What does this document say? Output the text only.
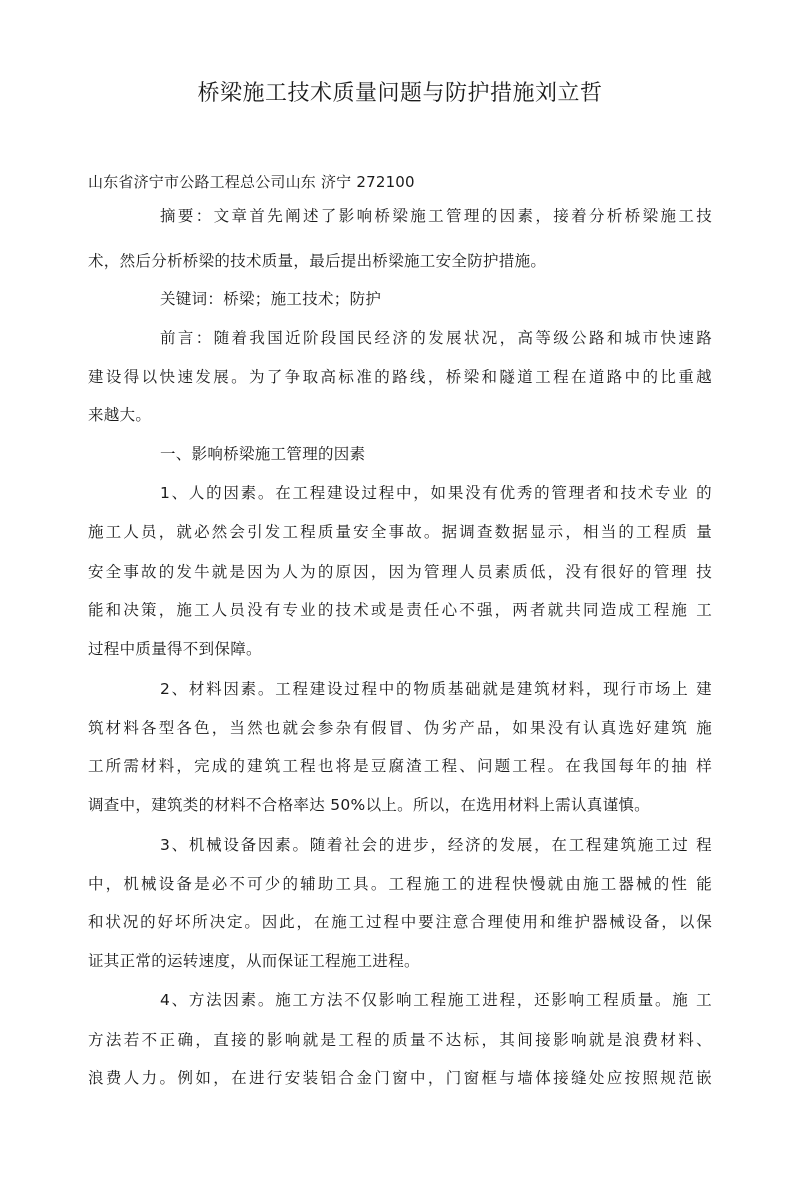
桥梁施工技术质量问题与防护措施刘立哲
山东省济宁市公路工程总公司山东 济宁 272100
摘要：文章首先阐述了影响桥梁施工管理的因素，接着分析桥梁施工技
术，然后分析桥梁的技术质量，最后提出桥梁施工安全防护措施。
关键词：桥梁；施工技术；防护
前言：随着我国近阶段国民经济的发展状况，高等级公路和城市快速路
建设得以快速发展。为了争取高标准的路线，桥梁和隧道工程在道路中的比重越
来越大。
一、影响桥梁施工管理的因素
1、人的因素。在工程建设过程中，如果没有优秀的管理者和技术专业 的
施工人员，就必然会引发工程质量安全事故。据调查数据显示，相当的工程质 量
安全事故的发牛就是因为人为的原因，因为管理人员素质低，没有很好的管理 技
能和决策，施工人员没有专业的技术或是责任心不强，两者就共同造成工程施 工
过程中质量得不到保障。
2、材料因素。工程建设过程中的物质基础就是建筑材料，现行市场上 建
筑材料各型各色，当然也就会参杂有假冒、伪劣产品，如果没有认真选好建筑 施
工所需材料，完成的建筑工程也将是豆腐渣工程、问题工程。在我国每年的抽 样
调查中，建筑类的材料不合格率达 50%以上。所以，在选用材料上需认真谨慎。
3、机械设备因素。随着社会的进步，经济的发展，在工程建筑施工过 程
中，机械设备是必不可少的辅助工具。工程施工的进程快慢就由施工器械的性 能
和状况的好坏所决定。因此，在施工过程中要注意合理使用和维护器械设备，以保
证其正常的运转速度，从而保证工程施工进程。
4、方法因素。施工方法不仅影响工程施工进程，还影响工程质量。施 工
方法若不正确，直接的影响就是工程的质量不达标，其间接影响就是浪费材料、
浪费人力。例如，在进行安装铝合金门窗中，门窗框与墙体接缝处应按照规范嵌
